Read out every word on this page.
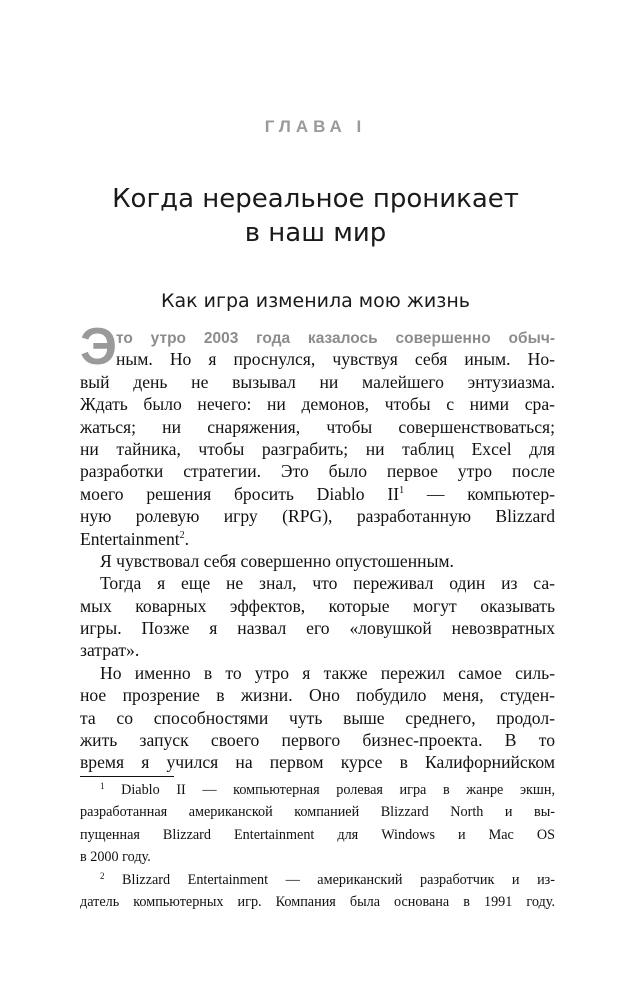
ГЛАВА I
Когда нереальное проникает
в наш мир
Как игра изменила мою жизнь
Э то утро 2003 года казалось совершенно обыч-
ным. Но я проснулся, чувствуя себя иным. Но-
вый день не вызывал ни малейшего энтузиазма.
Ждать было нечего: ни демонов, чтобы с ними сра-
жаться; ни снаряжения, чтобы совершенствоваться;
ни тайника, чтобы разграбить; ни таблиц Excel для
разработки стратегии. Это было первое утро после
моего решения бросить Diablo $II^1$ — компьютер-
ную ролевую игру (RPG), разработанную Blizzard
Entertainment$^2$.
Я чувствовал себя совершенно опустошенным.
Тогда я еще не знал, что переживал один из са-
мых коварных эффектов, которые могут оказывать
игры. Позже я назвал его «ловушкой невозвратных
затрат».
Но именно в то утро я также пережил самое силь-
ное прозрение в жизни. Оно побудило меня, студен-
та со способностями чуть выше среднего, продол-
жить запуск своего первого бизнес-проекта. В то
время я учился на первом курсе в Калифорнийском
$^1$ Diablo II — компьютерная ролевая игра в жанре экшн,
разработанная американской компанией Blizzard North и вы-
пущенная Blizzard Entertainment для Windows и Mac OS
в 2000 году.
$^2$ Blizzard Entertainment — американский разработчик и из-
датель компьютерных игр. Компания была основана в 1991 году.
